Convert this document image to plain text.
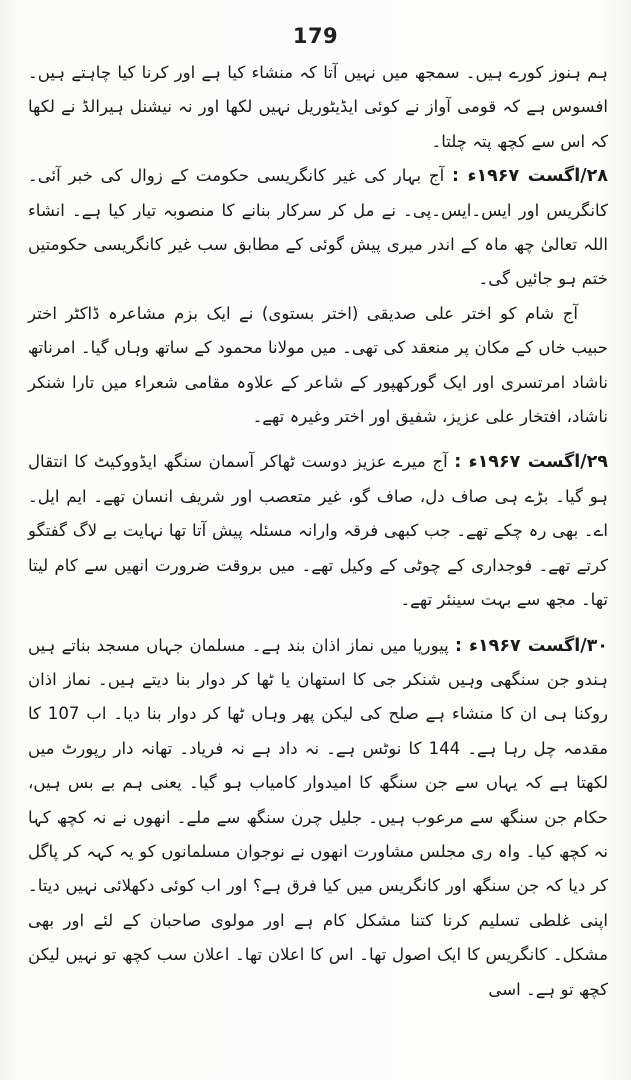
179

ہم ہنوز کورے ہیں۔ سمجھ میں نہیں آتا کہ منشاء کیا ہے اور کرنا کیا چاہتے ہیں۔ افسوس ہے کہ قومی آواز نے کوئی ایڈیٹوریل نہیں لکھا اور نہ نیشنل ہیرالڈ نے لکھا کہ اس سے کچھ پتہ چلتا۔

۲۸/اگست ۱۹۶۷ء : آج بہار کی غیر کانگریسی حکومت کے زوال کی خبر آئی۔ کانگریس اور ایس۔ایس۔پی۔ نے مل کر سرکار بنانے کا منصوبہ تیار کیا ہے۔ انشاء اللہ تعالیٰ چھ ماہ کے اندر میری پیش گوئی کے مطابق سب غیر کانگریسی حکومتیں ختم ہو جائیں گی۔

آج شام کو اختر علی صدیقی (اختر بستوی) نے ایک بزم مشاعرہ ڈاکٹر اختر حبیب خاں کے مکان پر منعقد کی تھی۔ میں مولانا محمود کے ساتھ وہاں گیا۔ امرناتھ ناشاد امرتسری اور ایک گورکھپور کے شاعر کے علاوہ مقامی شعراء میں تارا شنکر ناشاد، افتخار علی عزیز، شفیق اور اختر وغیرہ تھے۔

۲۹/اگست ۱۹۶۷ء : آج میرے عزیز دوست ٹھاکر آسمان سنگھ ایڈووکیٹ کا انتقال ہو گیا۔ بڑے ہی صاف دل، صاف گو، غیر متعصب اور شریف انسان تھے۔ ایم ایل۔اے۔ بھی رہ چکے تھے۔ جب کبھی فرقہ وارانہ مسئلہ پیش آتا تھا نہایت بے لاگ گفتگو کرتے تھے۔ فوجداری کے چوٹی کے وکیل تھے۔ میں بروقت ضرورت انھیں سے کام لیتا تھا۔ مجھ سے بہت سینئر تھے۔

۳۰/اگست ۱۹۶۷ء : پیوریا میں نماز اذان بند ہے۔ مسلمان جہاں مسجد بناتے ہیں ہندو جن سنگھی وہیں شنکر جی کا استھان یا ٹھا کر دوار بنا دیتے ہیں۔ نماز اذان روکنا ہی ان کا منشاء ہے صلح کی لیکن پھر وہاں ٹھا کر دوار بنا دیا۔ اب 107 کا مقدمہ چل رہا ہے۔ 144 کا نوٹس ہے۔ نہ داد ہے نہ فریاد۔ تھانہ دار رپورٹ میں لکھتا ہے کہ یہاں سے جن سنگھ کا امیدوار کامیاب ہو گیا۔ یعنی ہم بے بس ہیں، حکام جن سنگھ سے مرعوب ہیں۔ جلیل چرن سنگھ سے ملے۔ انھوں نے نہ کچھ کہا نہ کچھ کیا۔ واہ ری مجلس مشاورت انھوں نے نوجوان مسلمانوں کو یہ کہہ کر پاگل کر دیا کہ جن سنگھ اور کانگریس میں کیا فرق ہے؟ اور اب کوئی دکھلائی نہیں دیتا۔ اپنی غلطی تسلیم کرنا کتنا مشکل کام ہے اور مولوی صاحبان کے لئے اور بھی مشکل۔ کانگریس کا ایک اصول تھا۔ اس کا اعلان تھا۔ اعلان سب کچھ تو نہیں لیکن کچھ تو ہے۔ اسی
